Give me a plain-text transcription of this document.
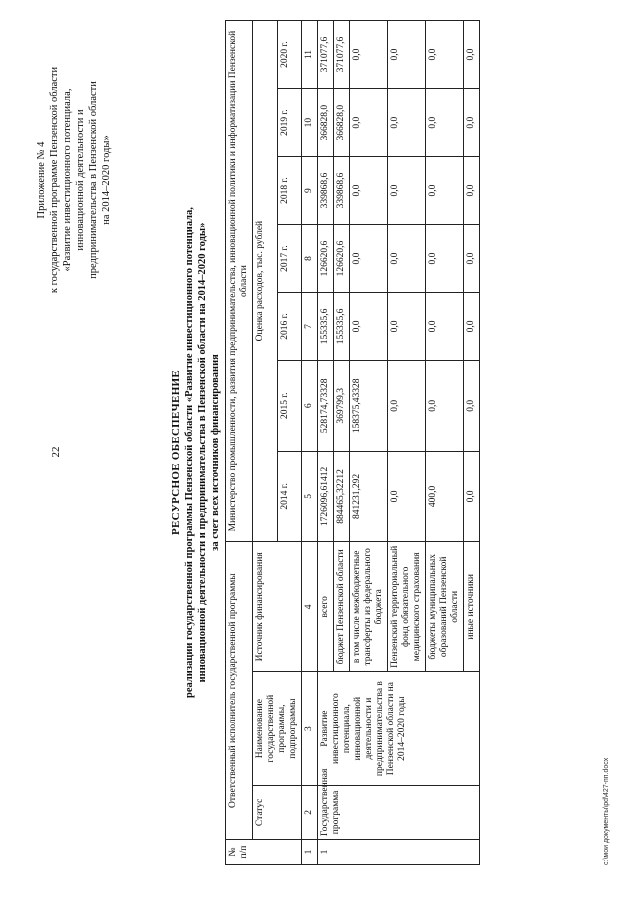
22
Приложение № 4 к государственной программе Пензенской области «Развитие инвестиционного потенциала, инновационной деятельности и предпринимательства в Пензенской области на 2014–2020 годы»
РЕСУРСНОЕ ОБЕСПЕЧЕНИЕ реализации государственной программы Пензенской области «Развитие инвестиционного потенциала, инновационной деятельности и предпринимательства в Пензенской области на 2014–2020 годы» за счет всех источников финансирования
№ п/п	Ответственный исполнитель государственной программы			Министерство промышленности, развития предпринимательства, инновационной политики и информатизации Пензенской области						
	Статус	Наименование государственной программы, подпрограммы	Источник финансирования	Оценка расходов, тыс. рублей						
				2014 г.	2015 г.	2016 г.	2017 г.	2018 г.	2019 г.	2020 г.
1	2	3	4	5	6	7	8	9	10	11
1	Государственная программа	Развитие инвестиционного потенциала, инновационной деятельности и предпринимательства в Пензенской области на 2014–2020 годы	всего	1726096,61412	528174,73328	155335,6	126620,6	339868,6	366828,0	371077,6
			бюджет Пензенской области	884465,32212	369799,3	155335,6	126620,6	339868,6	366828,0	371077,6
			в том числе межбюджетные трансферты из федерального бюджета	841231,292	158375,43328	0,0	0,0	0,0	0,0	0,0
			Пензенский территориальный фонд обязательного медицинского страхования	0,0	0,0	0,0	0,0	0,0	0,0	0,0
			бюджеты муниципальных образований Пензенской области	400,0	0,0	0,0	0,0	0,0	0,0	0,0
			иные источники	0,0	0,0	0,0	0,0	0,0	0,0	0,0
c:\мои документы\pd\427-пп.docx
